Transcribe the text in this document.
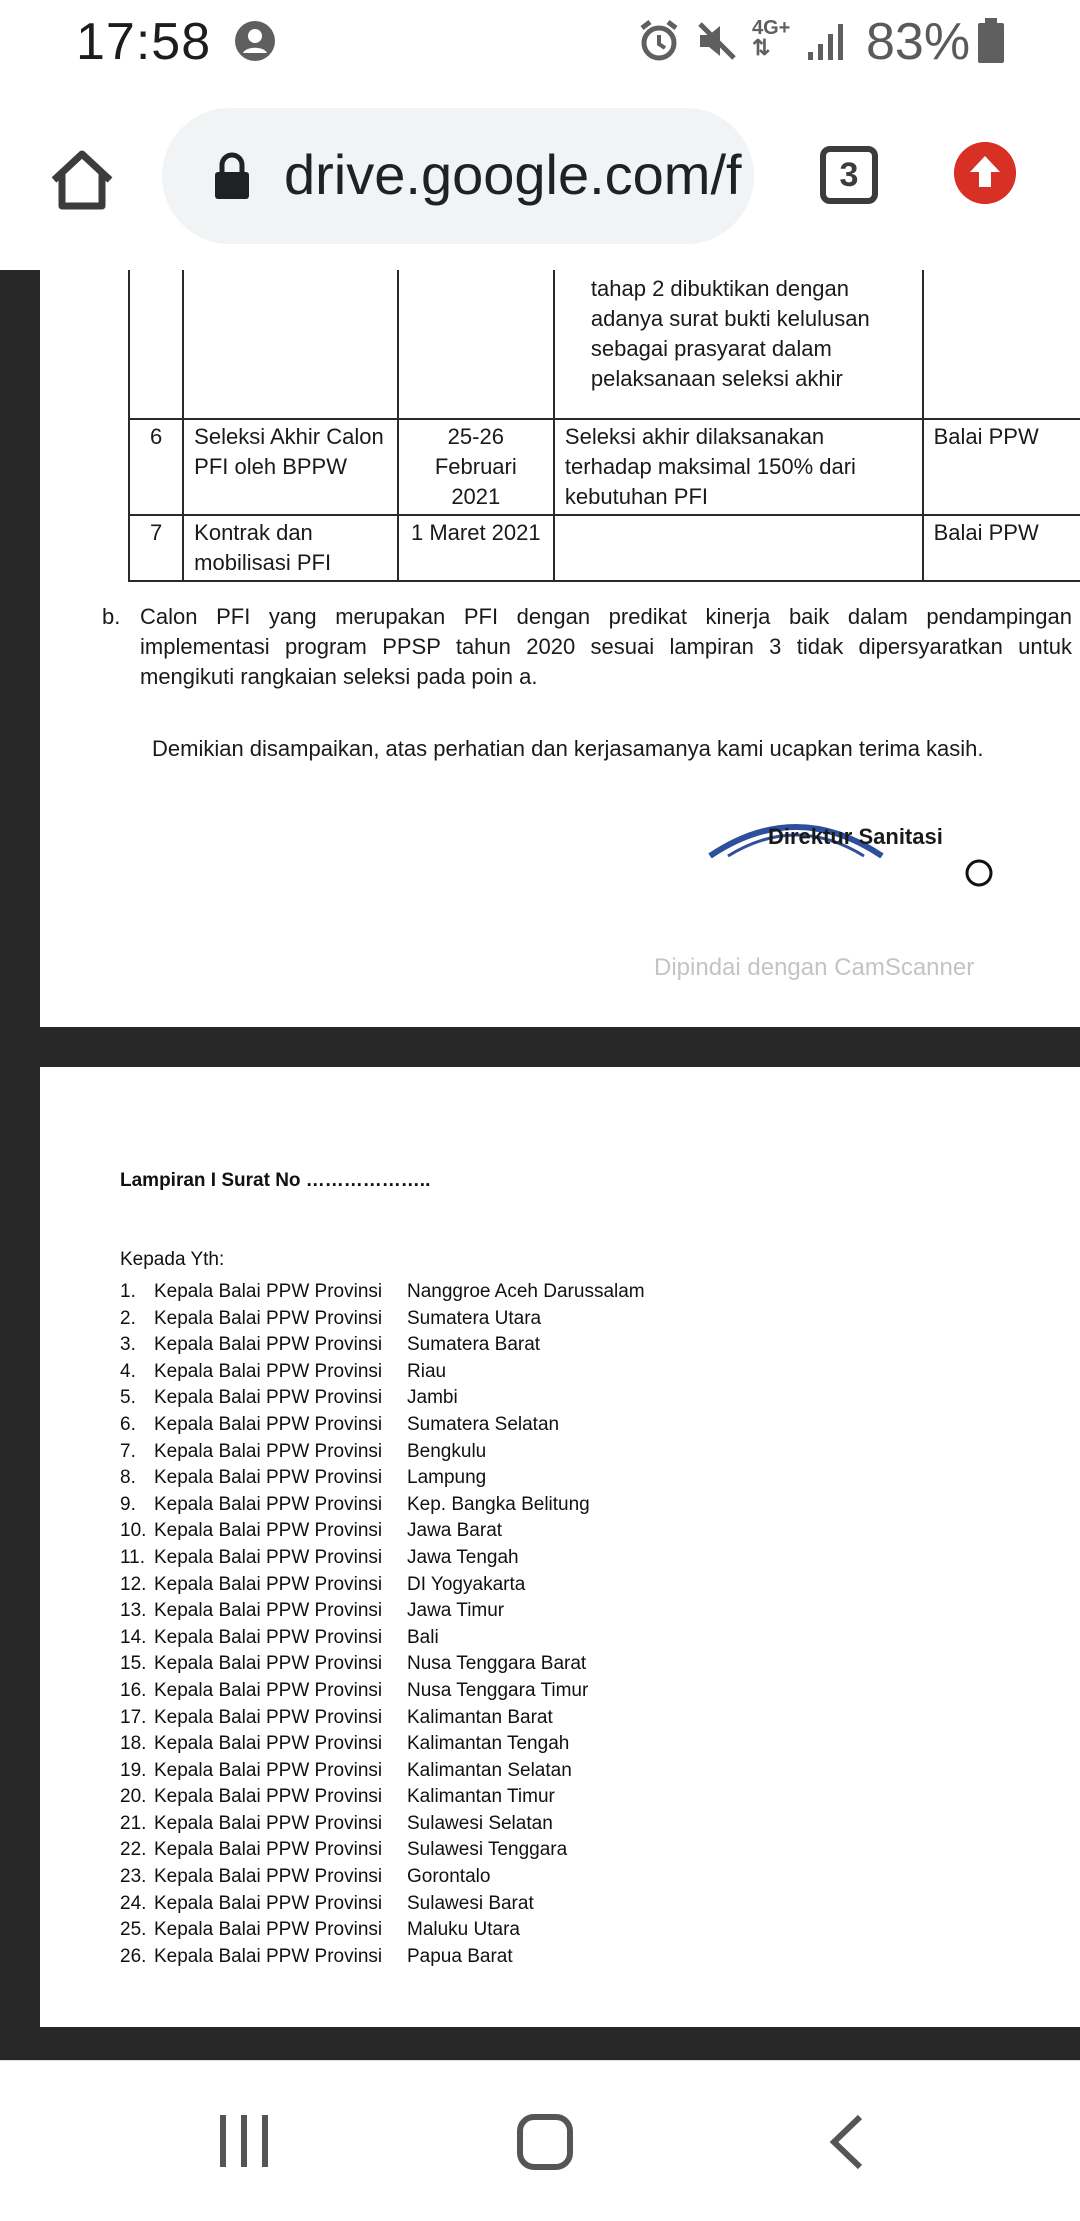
17:58	4G+
⇅	83%
drive.google.com/f	3
			tahap 2 dibuktikan dengan adanya surat bukti kelulusan sebagai prasyarat dalam pelaksanaan seleksi akhir	
6	Seleksi Akhir Calon PFI oleh BPPW	25-26 Februari 2021	Seleksi akhir dilaksanakan terhadap maksimal 150% dari kebutuhan PFI	Balai PPW
7	Kontrak dan mobilisasi PFI	1 Maret 2021		Balai PPW
b. Calon PFI yang merupakan PFI dengan predikat kinerja baik dalam pendampingan implementasi program PPSP tahun 2020 sesuai lampiran 3 tidak dipersyaratkan untuk mengikuti rangkaian seleksi pada poin a.
Demikian disampaikan, atas perhatian dan kerjasamanya kami ucapkan terima kasih.
Direktur Sanitasi
Dipindai dengan CamScanner
Lampiran I Surat No ………………..
Kepada Yth:
1. Kepala Balai PPW Provinsi Nanggroe Aceh Darussalam
2. Kepala Balai PPW Provinsi Sumatera Utara
3. Kepala Balai PPW Provinsi Sumatera Barat
4. Kepala Balai PPW Provinsi Riau
5. Kepala Balai PPW Provinsi Jambi
6. Kepala Balai PPW Provinsi Sumatera Selatan
7. Kepala Balai PPW Provinsi Bengkulu
8. Kepala Balai PPW Provinsi Lampung
9. Kepala Balai PPW Provinsi Kep. Bangka Belitung
10. Kepala Balai PPW Provinsi Jawa Barat
11. Kepala Balai PPW Provinsi Jawa Tengah
12. Kepala Balai PPW Provinsi DI Yogyakarta
13. Kepala Balai PPW Provinsi Jawa Timur
14. Kepala Balai PPW Provinsi Bali
15. Kepala Balai PPW Provinsi Nusa Tenggara Barat
16. Kepala Balai PPW Provinsi Nusa Tenggara Timur
17. Kepala Balai PPW Provinsi Kalimantan Barat
18. Kepala Balai PPW Provinsi Kalimantan Tengah
19. Kepala Balai PPW Provinsi Kalimantan Selatan
20. Kepala Balai PPW Provinsi Kalimantan Timur
21. Kepala Balai PPW Provinsi Sulawesi Selatan
22. Kepala Balai PPW Provinsi Sulawesi Tenggara
23. Kepala Balai PPW Provinsi Gorontalo
24. Kepala Balai PPW Provinsi Sulawesi Barat
25. Kepala Balai PPW Provinsi Maluku Utara
26. Kepala Balai PPW Provinsi Papua Barat
